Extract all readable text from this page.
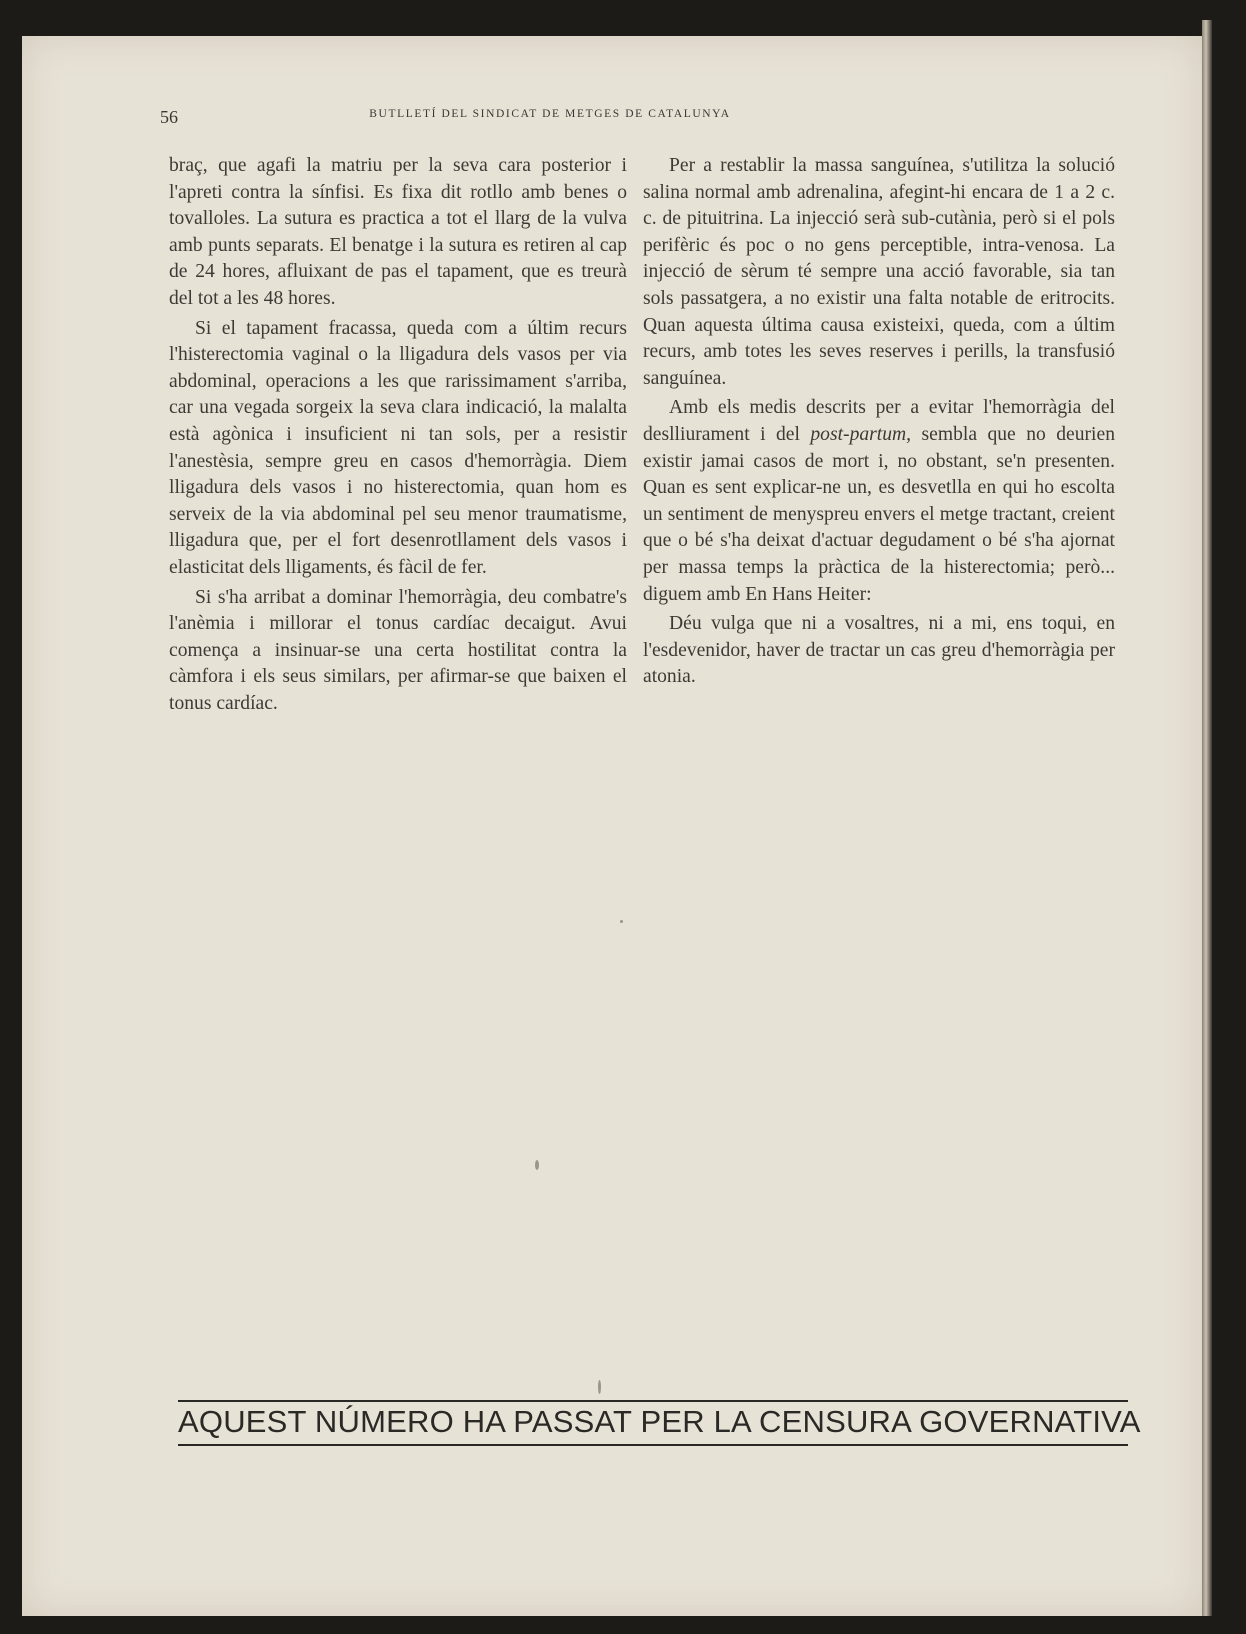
56	BUTLLETÍ DEL SINDICAT DE METGES DE CATALUNYA

braç, que agafi la matriu per la seva cara posterior i l'apreti contra la sínfisi. Es fixa dit rotllo amb benes o tovalloles. La sutura es practica a tot el llarg de la vulva amb punts separats. El benatge i la sutura es retiren al cap de 24 hores, afluixant de pas el tapament, que es treurà del tot a les 48 hores.

Si el tapament fracassa, queda com a últim recurs l'histerectomia vaginal o la lligadura dels vasos per via abdominal, operacions a les que rarissimament s'arriba, car una vegada sorgeix la seva clara indicació, la malalta està agònica i insuficient ni tan sols, per a resistir l'anestèsia, sempre greu en casos d'hemorràgia. Diem lligadura dels vasos i no histerectomia, quan hom es serveix de la via abdominal pel seu menor traumatisme, lligadura que, per el fort desenrotllament dels vasos i elasticitat dels lligaments, és fàcil de fer.

Si s'ha arribat a dominar l'hemorràgia, deu combatre's l'anèmia i millorar el tonus cardíac decaigut. Avui comença a insinuar-se una certa hostilitat contra la càmfora i els seus similars, per afirmar-se que baixen el tonus cardíac.

Per a restablir la massa sanguínea, s'utilitza la solució salina normal amb adrenalina, afegint-hi encara de 1 a 2 c. c. de pituitrina. La injecció serà sub-cutània, però si el pols perifèric és poc o no gens perceptible, intra-venosa. La injecció de sèrum té sempre una acció favorable, sia tan sols passatgera, a no existir una falta notable de eritrocits. Quan aquesta última causa existeixi, queda, com a últim recurs, amb totes les seves reserves i perills, la transfusió sanguínea.

Amb els medis descrits per a evitar l'hemorràgia del deslliurament i del post-partum, sembla que no deurien existir jamai casos de mort i, no obstant, se'n presenten. Quan es sent explicar-ne un, es desvetlla en qui ho escolta un sentiment de menyspreu envers el metge tractant, creient que o bé s'ha deixat d'actuar degudament o bé s'ha ajornat per massa temps la pràctica de la histerectomia; però... diguem amb En Hans Heiter:

Déu vulga que ni a vosaltres, ni a mi, ens toqui, en l'esdevenidor, haver de tractar un cas greu d'hemorràgia per atonia.

AQUEST NÚMERO HA PASSAT PER LA CENSURA GOVERNATIVA
